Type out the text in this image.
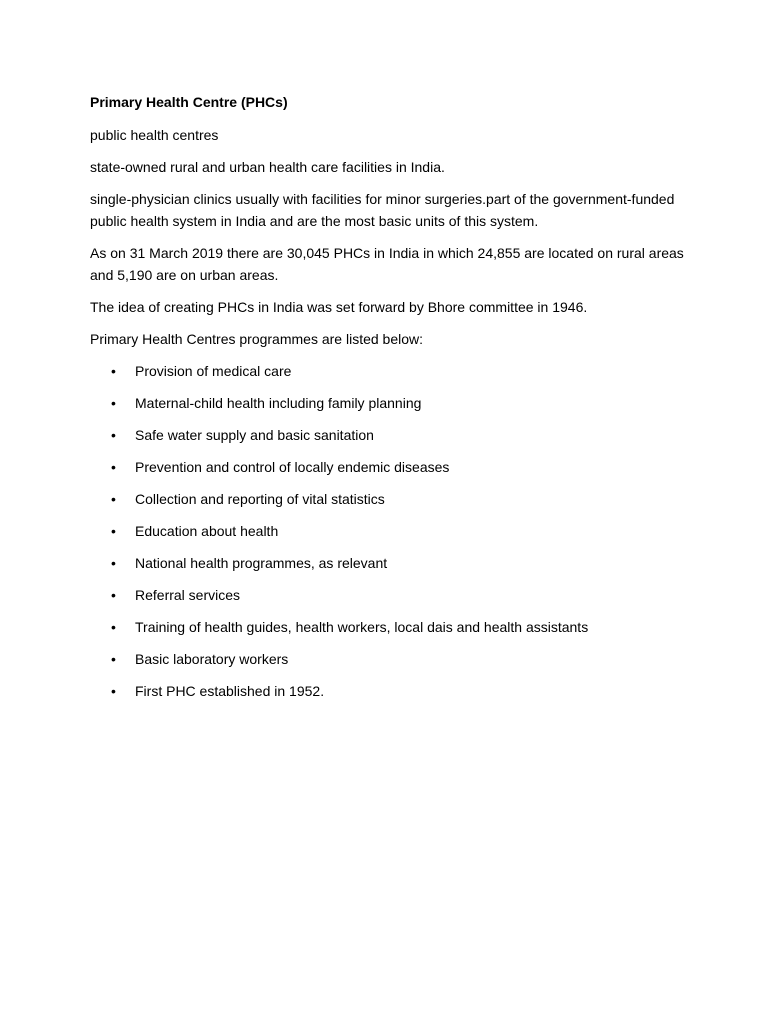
Primary Health Centre (PHCs)

public health centres

state-owned rural and urban health care facilities in India.

single-physician clinics usually with facilities for minor surgeries.part of the government-funded public health system in India and are the most basic units of this system.

As on 31 March 2019 there are 30,045 PHCs in India in which 24,855 are located on rural areas and 5,190 are on urban areas.

The idea of creating PHCs in India was set forward by Bhore committee in 1946.

Primary Health Centres programmes are listed below:

• Provision of medical care
• Maternal-child health including family planning
• Safe water supply and basic sanitation
• Prevention and control of locally endemic diseases
• Collection and reporting of vital statistics
• Education about health
• National health programmes, as relevant
• Referral services
• Training of health guides, health workers, local dais and health assistants
• Basic laboratory workers
• First PHC established in 1952.
